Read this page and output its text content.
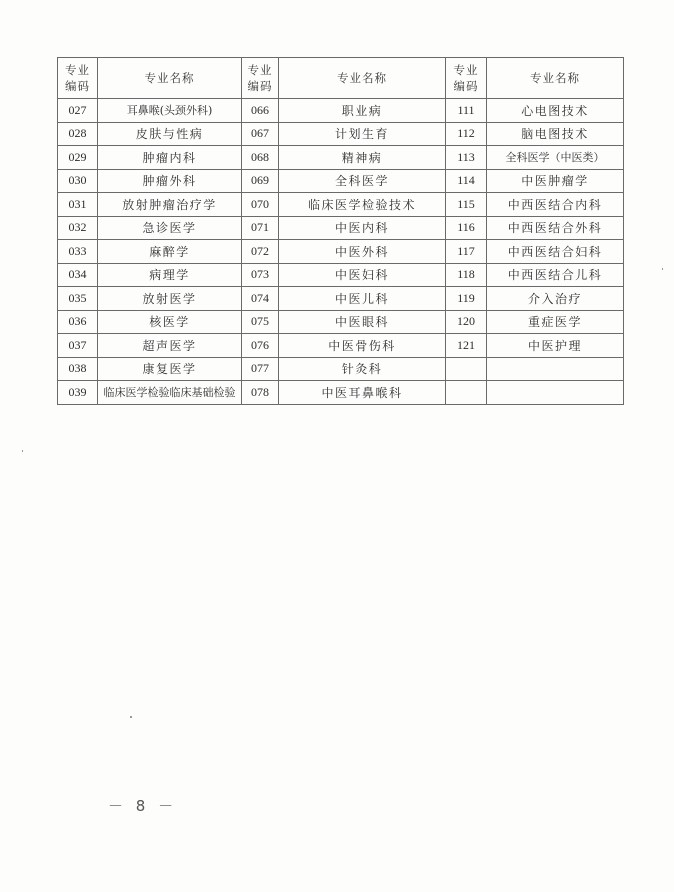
专业
编码	专业名称	专业
编码	专业名称	专业
编码	专业名称
027	耳鼻喉(头颈外科)	066	职业病	111	心电图技术
028	皮肤与性病	067	计划生育	112	脑电图技术
029	肿瘤内科	068	精神病	113	全科医学（中医类）
030	肿瘤外科	069	全科医学	114	中医肿瘤学
031	放射肿瘤治疗学	070	临床医学检验技术	115	中西医结合内科
032	急诊医学	071	中医内科	116	中西医结合外科
033	麻醉学	072	中医外科	117	中西医结合妇科
034	病理学	073	中医妇科	118	中西医结合儿科
035	放射医学	074	中医儿科	119	介入治疗
036	核医学	075	中医眼科	120	重症医学
037	超声医学	076	中医骨伤科	121	中医护理
038	康复医学	077	针灸科		
039	临床医学检验临床基础检验	078	中医耳鼻喉科		
－ 8 －
